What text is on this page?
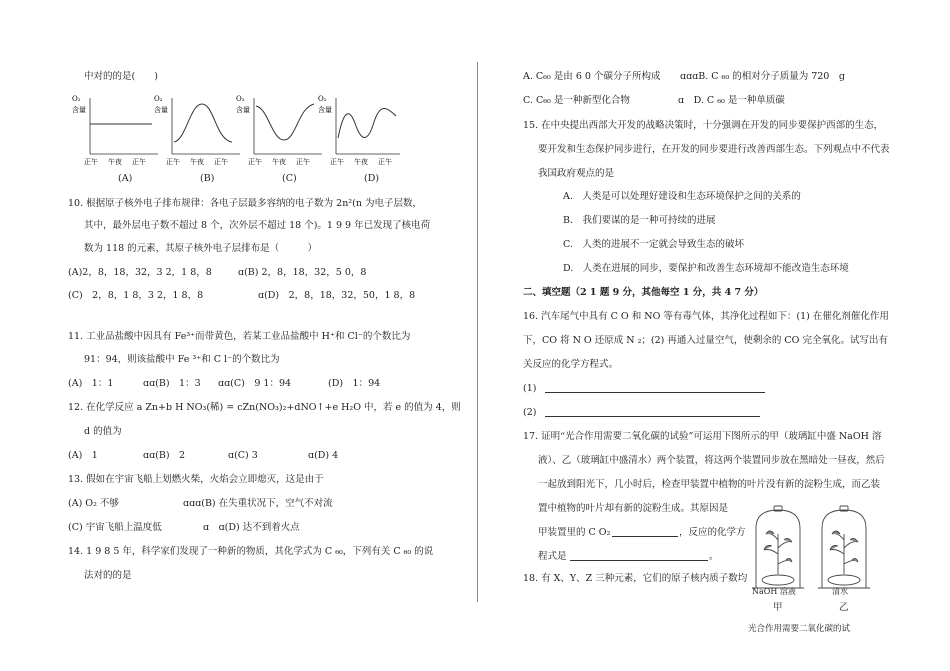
中对的的是(　　)
O₂
含量
正午 午夜 正午
O₂
含量
正午 午夜 正午
O₂
含量
正午 午夜 正午
O₂
含量
正午 午夜 正午
(A)	(B)	(C)	(D)
10. 根据原子核外电子排布规律：各电子层最多容纳的电子数为 2n²(n 为电子层数，
其中，最外层电子数不超过 8 个，次外层不超过 18 个)。1 9 9 年已发现了核电荷
数为 118 的元素，其原子核外电子层排布是（　　　）
(A)2，8，18，32，3 2，1 8，8	ɑ(B) 2，8，18，32，5 0，8
(C)　2，8，1 8，3 2，1 8，8	ɑ(D)　2，8，18，32，50，1 8，8
11. 工业品盐酸中因具有 Fe³⁺而带黄色，若某工业品盐酸中 H⁺和 Cl⁻的个数比为
91：94，则该盐酸中 Fe ³⁺和 C l⁻的个数比为
(A)　1：1	ɑɑ(B)　1：3 ɑɑ(C)　9 1：94	(D)　1：94
12. 在化学反应 a Zn+b H NO₃(稀) = cZn(NO₃)₂+dNO↑+e H₂O 中，若 e 的值为 4，则
d 的值为
(A)　1	ɑɑ(B)　2	ɑ(C) 3	ɑ(D) 4
13. 假如在宇宙飞船上划燃火柴，火焰会立即熄灭，这是由于
(A) O₂ 不够	ɑɑɑ(B) 在失重状况下，空气不对流
(C) 宇宙飞船上温度低	ɑ　ɑ(D) 达不到着火点
14. 1 9 8 5 年，科学家们发现了一种新的物质，其化学式为 C ₆₀，下列有关 C ₆₀ 的说
法对的的是
A. C₆₀ 是由 6 0 个碳分子所构成 ɑɑɑB. C ₆₀ 的相对分子质量为 720　g
C. C₆₀ 是一种新型化合物	ɑ　D. C ₆₀ 是一种单质碳
15. 在中央提出西部大开发的战略决策时，十分强调在开发的同步要保护西部的生态，
要开发和生态保护同步进行，在开发的同步要进行改善西部生态。下列观点中不代表
我国政府观点的是
A.　人类是可以处理好建设和生态环境保护之间的关系的
B.　我们要谋的是一种可持续的进展
C.　人类的进展不一定就会导致生态的破坏
D.　人类在进展的同步，要保护和改善生态环境却不能改造生态环境
二、填空题（2 1 题 9 分，其他每空 1 分，共 4 7 分）
16. 汽车尾气中具有 C O 和 NO 等有毒气体，其净化过程如下：(1) 在催化剂催化作用
下，CO 将 N O 还原成 N ₂；(2) 再通入过量空气，使剩余的 CO 完全氧化。试写出有
关反应的化学方程式。
(1)
(2)
17. 证明“光合作用需要二氧化碳的试验”可运用下图所示的甲（玻璃缸中盛 NaOH 溶
液）、乙（玻璃缸中盛清水）两个装置，将这两个装置同步放在黑暗处一昼夜，然后
一起放到阳光下，几小时后，检查甲装置中植物的叶片没有新的淀粉生成，而乙装
置中植物的叶片却有新的淀粉生成。其原因是
甲装置里的 C O₂	，反应的化学方
程式是	。
NaOH 溶液	清水
甲	乙
光合作用需要二氧化碳的试
18. 有 X、Y、Z 三种元素，它们的原子核内质子数均
